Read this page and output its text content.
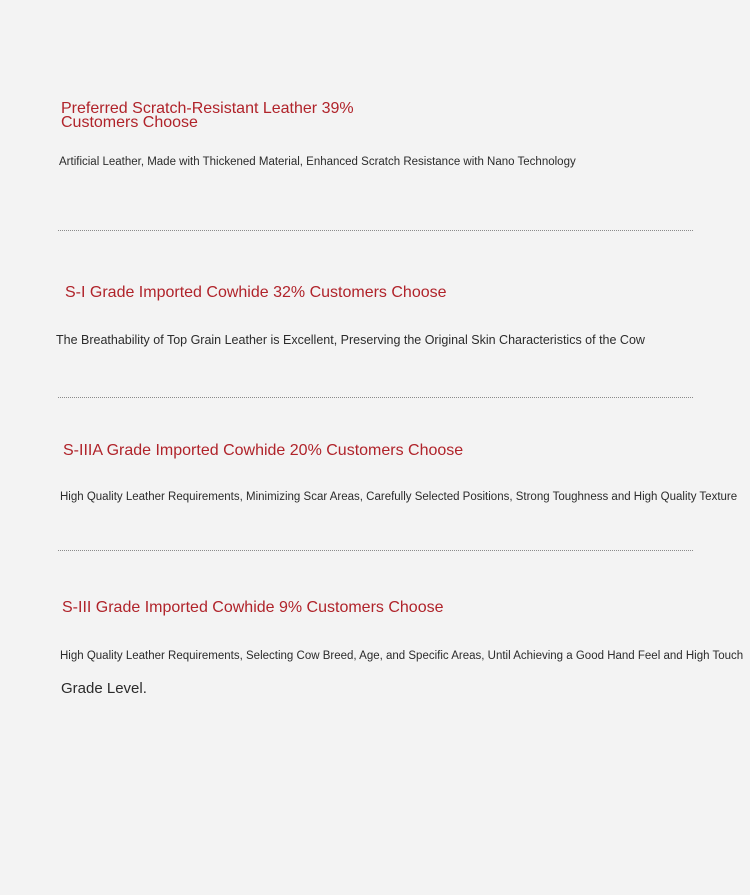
Preferred Scratch-Resistant Leather 39% Customers Choose
Artificial Leather, Made with Thickened Material, Enhanced Scratch Resistance with Nano Technology
S-I Grade Imported Cowhide 32% Customers Choose
The Breathability of Top Grain Leather is Excellent, Preserving the Original Skin Characteristics of the Cow
S-IIIA Grade Imported Cowhide 20% Customers Choose
High Quality Leather Requirements, Minimizing Scar Areas, Carefully Selected Positions, Strong Toughness and High Quality Texture
S-III Grade Imported Cowhide 9% Customers Choose
High Quality Leather Requirements, Selecting Cow Breed, Age, and Specific Areas, Until Achieving a Good Hand Feel and High Touch
Grade Level.
